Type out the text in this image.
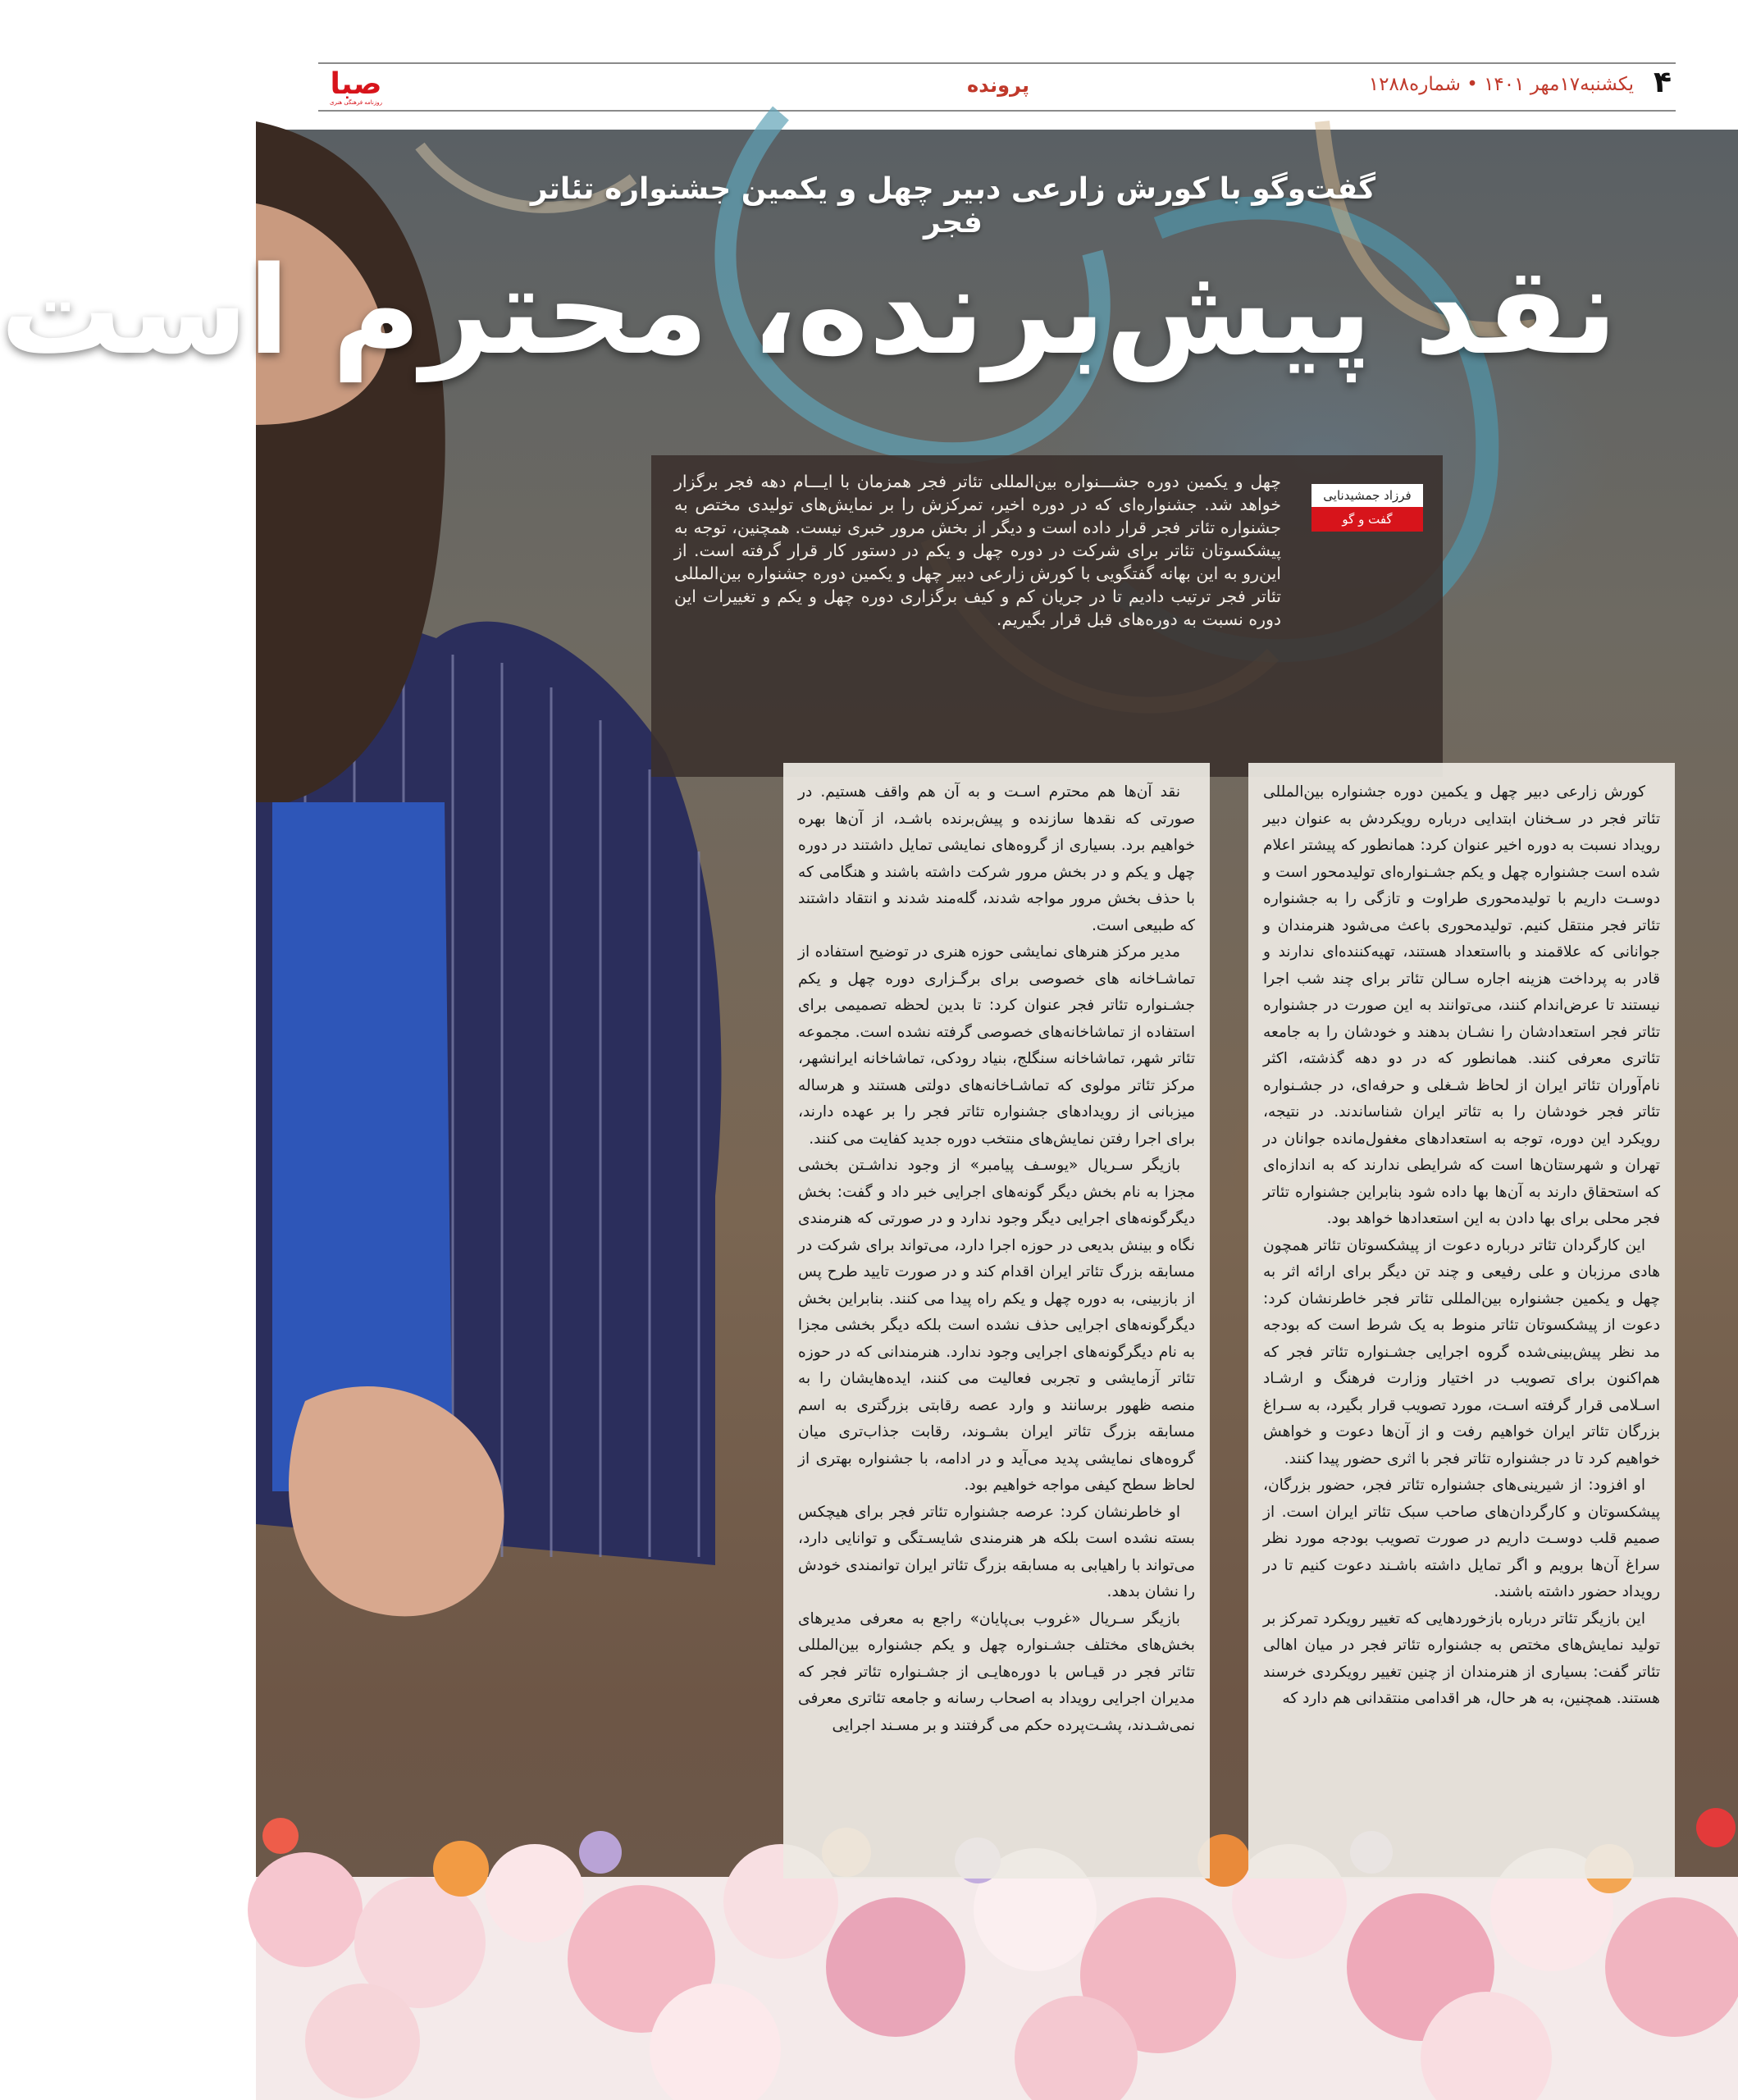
۴
یکشنبه۱۷مهر ۱۴۰۱ • شماره۱۲۸۸
پرونده
صبا
روزنامه فرهنگی هنری
گفت‌وگو با کورش زارعی دبیر چهل و یکمین جشنواره تئاتر فجر
نقد پیش‌برنده، محترم است
فرزاد جمشیدنایی
گفت و گو
چهل و یکمین دوره جشـــنواره بین‌المللی تئاتر فجر همزمان با ایـــام دهه فجر برگزار خواهد شد. جشنواره‌ای که در دوره اخیر، تمرکزش را بر نمایش‌های تولیدی مختص به جشنواره تئاتر فجر قرار داده است و دیگر از بخش مرور خبری نیست. همچنین، توجه به پیشکسوتان تئاتر برای شرکت در دوره چهل و یکم در دستور کار قرار گرفته است. از این‌رو به این بهانه گفتگویی با کورش زارعی دبیر چهل و یکمین دوره جشنواره بین‌المللی تئاتر فجر ترتیب دادیم تا در جریان کم و کیف برگزاری دوره چهل و یکم و تغییرات این دوره نسبت به دوره‌های قبل قرار بگیریم.

کورش زارعی دبیر چهل و یکمین دوره جشنواره بین‌المللی تئاتر فجر در سـخنان ابتدایی درباره رویکردش به عنوان دبیر رویداد نسبت به دوره اخیر عنوان کرد: همانطور که پیشتر اعلام شده است جشنواره چهل و یکم جشـنواره‌ای تولیدمحور است و دوسـت داریم با تولیدمحوری طراوت و تازگی را به جشنواره تئاتر فجر منتقل کنیم. تولیدمحوری باعث می‌شود هنرمندان و جوانانی که علاقمند و بااستعداد هستند، تهیه‌کننده‌ای ندارند و قادر به پرداخت هزینه اجاره سـالن تئاتر برای چند شب اجرا نیستند تا عرض‌اندام کنند، می‌توانند به این صورت در جشنواره تئاتر فجر استعدادشان را نشـان بدهند و خودشان را به جامعه تئاتری معرفی کنند. همانطور که در دو دهه گذشته، اکثر نام‌آوران تئاتر ایران از لحاظ شـغلی و حرفه‌ای، در جشـنواره تئاتر فجر خودشان را به تئاتر ایران شناساندند. در نتیجه، رویکرد این دوره، توجه به استعدادهای مغفول‌مانده جوانان در تهران و شهرستان‌ها است که شرایطی ندارند که به اندازه‌ای که استحقاق دارند به آن‌ها بها داده شود بنابراین جشنواره تئاتر فجر محلی برای بها دادن به این استعدادها خواهد بود.

این کارگردان تئاتر درباره دعوت از پیشکسوتان تئاتر همچون هادی مرزبان و علی رفیعی و چند تن دیگر برای ارائه اثر به چهل و یکمین جشنواره بین‌المللی تئاتر فجر خاطرنشان کرد: دعوت از پیشکسوتان تئاتر منوط به یک شرط است که بودجه مد نظر پیش‌بینی‌شده گروه اجرایی جشـنواره تئاتر فجر که هم‌اکنون برای تصویب در اختیار وزارت فرهنگ و ارشـاد اسـلامی قرار گرفته اسـت، مورد تصویب قرار بگیرد، به سـراغ بزرگان تئاتر ایران خواهیم رفت و از آن‌ها دعوت و خواهش خواهیم کرد تا در جشنواره تئاتر فجر با اثری حضور پیدا کنند.

او افزود: از شیرینی‌های جشنواره تئاتر فجر، حضور بزرگان، پیشکسوتان و کارگردان‌های صاحب سبک تئاتر ایران است. از صمیم قلب دوسـت داریم در صورت تصویب بودجه مورد نظر سراغ آن‌ها برویم و اگر تمایل داشته باشـند دعوت کنیم تا در رویداد حضور داشته باشند.

این بازیگر تئاتر درباره بازخوردهایی که تغییر رویکرد تمرکز بر تولید نمایش‌های مختص به جشنواره تئاتر فجر در میان اهالی تئاتر گفت: بسیاری از هنرمندان از چنین تغییر رویکردی خرسند هستند. همچنین، به هر حال، هر اقدامی منتقدانی هم دارد که

نقد آن‌ها هم محترم اسـت و به آن هم واقف هستیم. در صورتی که نقدها سازنده و پیش‌برنده باشـد، از آن‌ها بهره خواهیم برد. بسیاری از گروه‌های نمایشی تمایل داشتند در دوره چهل و یکم و در بخش مرور شرکت داشته باشند و هنگامی که با حذف بخش مرور مواجه شدند، گله‌مند شدند و انتقاد داشتند که طبیعی است.

مدیر مرکز هنرهای نمایشی حوزه هنری در توضیح استفاده از تماشـاخانه های خصوصی برای برگـزاری دوره چهل و یکم جشـنواره تئاتر فجر عنوان کرد: تا بدین لحظه تصمیمی برای استفاده از تماشاخانه‌های خصوصی گرفته نشده است. مجموعه تئاتر شهر، تماشاخانه سنگلج، بنیاد رودکی، تماشاخانه ایرانشهر، مرکز تئاتر مولوی که تماشـاخانه‌های دولتی هستند و هرساله میزبانی از رویدادهای جشنواره تئاتر فجر را بر عهده دارند، برای اجرا رفتن نمایش‌های منتخب دوره جدید کفایت می کنند.

بازیگر سـریال «یوسـف پیامبر» از وجود نداشـتن بخشی مجزا به نام بخش دیگر گونه‌های اجرایی خبر داد و گفت: بخش دیگرگونه‌های اجرایی دیگر وجود ندارد و در صورتی که هنرمندی نگاه و بینش بدیعی در حوزه اجرا دارد، می‌تواند برای شرکت در مسابقه بزرگ تئاتر ایران اقدام کند و در صورت تایید طرح پس از بازبینی، به دوره چهل و یکم راه پیدا می کنند. بنابراین بخش دیگرگونه‌های اجرایی حذف نشده است بلکه دیگر بخشی مجزا به نام دیگرگونه‌های اجرایی وجود ندارد. هنرمندانی که در حوزه تئاتر آزمایشی و تجربی فعالیت می کنند، ایده‌هایشان را به منصه ظهور برسانند و وارد عصه رقابتی بزرگتری به اسم مسابقه بزرگ تئاتر ایران بشـوند، رقابت جذاب‌تری میان گروه‌های نمایشی پدید می‌آید و در ادامه، با جشنواره بهتری از لحاظ سطح کیفی مواجه خواهیم بود.

او خاطرنشان کرد: عرصه جشنواره تئاتر فجر برای هیچکس بسته نشده است بلکه هر هنرمندی شایسـتگی و توانایی دارد، می‌تواند با راهیابی به مسابقه بزرگ تئاتر ایران توانمندی خودش را نشان بدهد.

بازیگر سـریال «غروب بی‌پایان» راجع به معرفی مدیرهای بخش‌های مختلف جشـنواره چهل و یکم جشنواره بین‌المللی تئاتر فجر در قیـاس با دوره‌هایـی از جشـنواره تئاتر فجر که مدیران اجرایی رویداد به اصحاب رسانه و جامعه تئاتری معرفی نمی‌شـدند، پشـت‌پرده حکم می گرفتند و بر مسـند اجرایی
